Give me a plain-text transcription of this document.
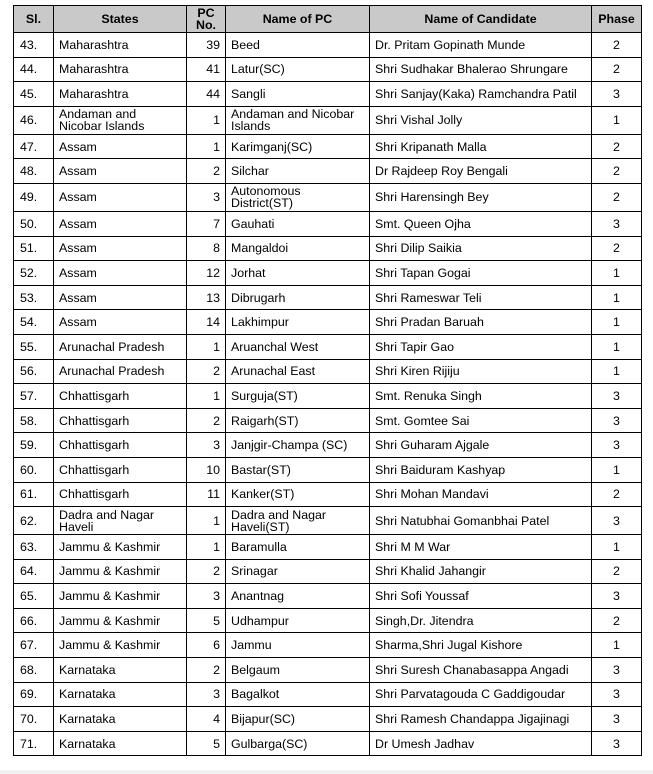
Sl.	States	PC No.	Name of PC	Name of Candidate	Phase
43.	Maharashtra	39	Beed	Dr. Pritam Gopinath Munde	2
44.	Maharashtra	41	Latur(SC)	Shri Sudhakar Bhalerao Shrungare	2
45.	Maharashtra	44	Sangli	Shri Sanjay(Kaka) Ramchandra Patil	3
46.	Andaman and Nicobar Islands	1	Andaman and Nicobar Islands	Shri Vishal Jolly	1
47.	Assam	1	Karimganj(SC)	Shri Kripanath Malla	2
48.	Assam	2	Silchar	Dr Rajdeep Roy Bengali	2
49.	Assam	3	Autonomous District(ST)	Shri Harensingh Bey	2
50.	Assam	7	Gauhati	Smt. Queen Ojha	3
51.	Assam	8	Mangaldoi	Shri Dilip Saikia	2
52.	Assam	12	Jorhat	Shri Tapan Gogai	1
53.	Assam	13	Dibrugarh	Shri Rameswar Teli	1
54.	Assam	14	Lakhimpur	Shri Pradan Baruah	1
55.	Arunachal Pradesh	1	Aruanchal West	Shri Tapir Gao	1
56.	Arunachal Pradesh	2	Arunachal East	Shri Kiren Rijiju	1
57.	Chhattisgarh	1	Surguja(ST)	Smt. Renuka Singh	3
58.	Chhattisgarh	2	Raigarh(ST)	Smt. Gomtee Sai	3
59.	Chhattisgarh	3	Janjgir-Champa (SC)	Shri Guharam Ajgale	3
60.	Chhattisgarh	10	Bastar(ST)	Shri Baiduram Kashyap	1
61.	Chhattisgarh	11	Kanker(ST)	Shri Mohan Mandavi	2
62.	Dadra and Nagar Haveli	1	Dadra and Nagar Haveli(ST)	Shri Natubhai Gomanbhai Patel	3
63.	Jammu & Kashmir	1	Baramulla	Shri M M War	1
64.	Jammu & Kashmir	2	Srinagar	Shri Khalid Jahangir	2
65.	Jammu & Kashmir	3	Anantnag	Shri Sofi Youssaf	3
66.	Jammu & Kashmir	5	Udhampur	Singh,Dr. Jitendra	2
67.	Jammu & Kashmir	6	Jammu	Sharma,Shri Jugal Kishore	1
68.	Karnataka	2	Belgaum	Shri Suresh Chanabasappa Angadi	3
69.	Karnataka	3	Bagalkot	Shri Parvatagouda C Gaddigoudar	3
70.	Karnataka	4	Bijapur(SC)	Shri Ramesh Chandappa Jigajinagi	3
71.	Karnataka	5	Gulbarga(SC)	Dr Umesh Jadhav	3
